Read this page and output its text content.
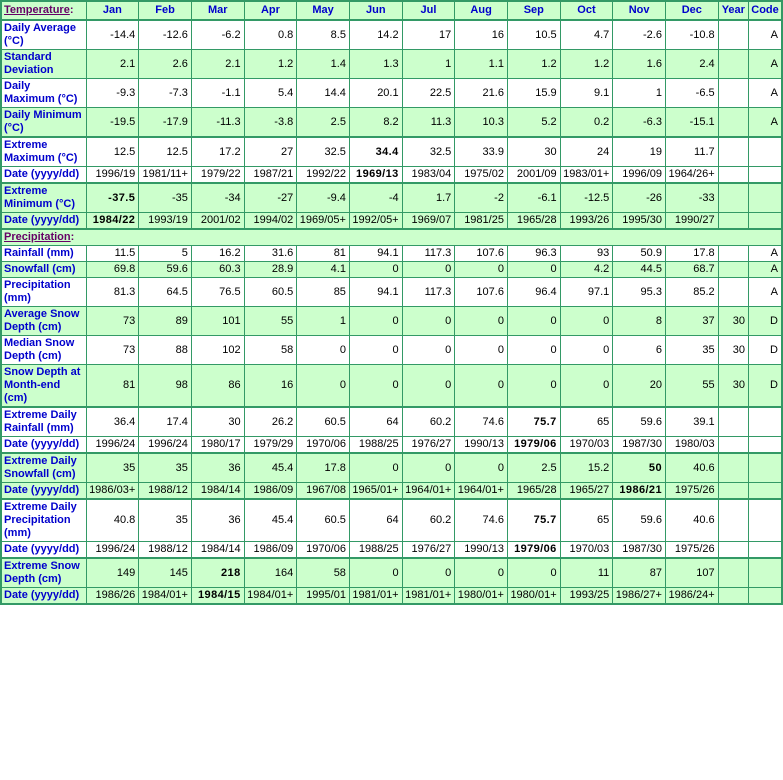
Temperature:	Jan	Feb	Mar	Apr	May	Jun	Jul	Aug	Sep	Oct	Nov	Dec	Year	Code
Daily Average (°C)	-14.4	-12.6	-6.2	0.8	8.5	14.2	17	16	10.5	4.7	-2.6	-10.8		A
Standard Deviation	2.1	2.6	2.1	1.2	1.4	1.3	1	1.1	1.2	1.2	1.6	2.4		A
Daily Maximum (°C)	-9.3	-7.3	-1.1	5.4	14.4	20.1	22.5	21.6	15.9	9.1	1	-6.5		A
Daily Minimum (°C)	-19.5	-17.9	-11.3	-3.8	2.5	8.2	11.3	10.3	5.2	0.2	-6.3	-15.1		A
Extreme Maximum (°C)	12.5	12.5	17.2	27	32.5	34.4	32.5	33.9	30	24	19	11.7		
Date (yyyy/dd)	1996/19	1981/11+	1979/22	1987/21	1992/22	1969/13	1983/04	1975/02	2001/09	1983/01+	1996/09	1964/26+		
Extreme Minimum (°C)	-37.5	-35	-34	-27	-9.4	-4	1.7	-2	-6.1	-12.5	-26	-33		
Date (yyyy/dd)	1984/22	1993/19	2001/02	1994/02	1969/05+	1992/05+	1969/07	1981/25	1965/28	1993/26	1995/30	1990/27		
Precipitation:														
Rainfall (mm)	11.5	5	16.2	31.6	81	94.1	117.3	107.6	96.3	93	50.9	17.8		A
Snowfall (cm)	69.8	59.6	60.3	28.9	4.1	0	0	0	0	4.2	44.5	68.7		A
Precipitation (mm)	81.3	64.5	76.5	60.5	85	94.1	117.3	107.6	96.4	97.1	95.3	85.2		A
Average Snow Depth (cm)	73	89	101	55	1	0	0	0	0	0	8	37	30	D
Median Snow Depth (cm)	73	88	102	58	0	0	0	0	0	0	6	35	30	D
Snow Depth at Month-end (cm)	81	98	86	16	0	0	0	0	0	0	20	55	30	D
Extreme Daily Rainfall (mm)	36.4	17.4	30	26.2	60.5	64	60.2	74.6	75.7	65	59.6	39.1		
Date (yyyy/dd)	1996/24	1996/24	1980/17	1979/29	1970/06	1988/25	1976/27	1990/13	1979/06	1970/03	1987/30	1980/03		
Extreme Daily Snowfall (cm)	35	35	36	45.4	17.8	0	0	0	2.5	15.2	50	40.6		
Date (yyyy/dd)	1986/03+	1988/12	1984/14	1986/09	1967/08	1965/01+	1964/01+	1964/01+	1965/28	1965/27	1986/21	1975/26		
Extreme Daily Precipitation (mm)	40.8	35	36	45.4	60.5	64	60.2	74.6	75.7	65	59.6	40.6		
Date (yyyy/dd)	1996/24	1988/12	1984/14	1986/09	1970/06	1988/25	1976/27	1990/13	1979/06	1970/03	1987/30	1975/26		
Extreme Snow Depth (cm)	149	145	218	164	58	0	0	0	0	11	87	107		
Date (yyyy/dd)	1986/26	1984/01+	1984/15	1984/01+	1995/01	1981/01+	1981/01+	1980/01+	1980/01+	1993/25	1986/27+	1986/24+		
